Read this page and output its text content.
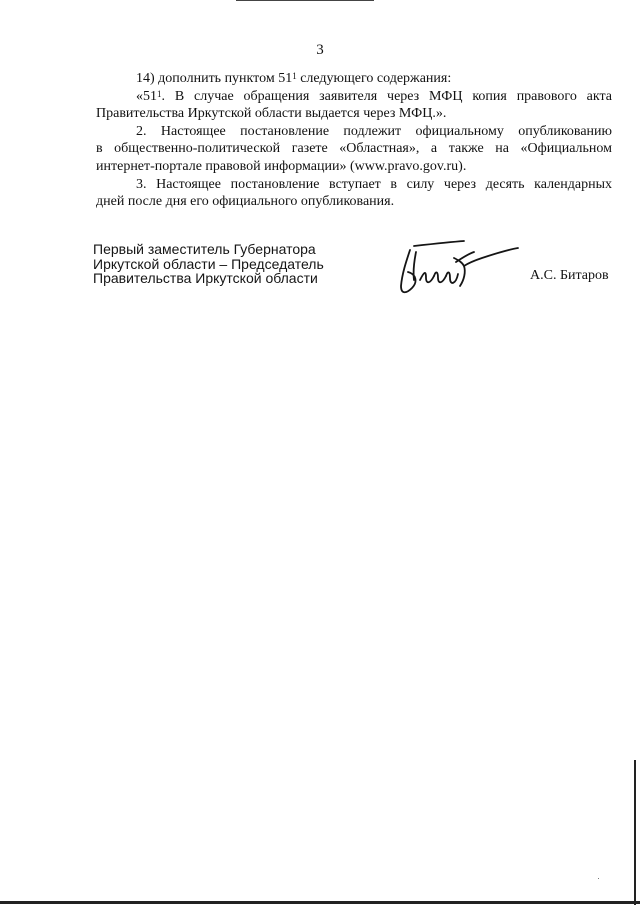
3
14) дополнить пунктом $51^1$ следующего содержания:
«$51^1$. В случае обращения заявителя через МФЦ копия правового акта
Правительства Иркутской области выдается через МФЦ.».
2. Настоящее постановление подлежит официальному опубликованию
в общественно-политической газете «Областная», а также на «Официальном
интернет-портале правовой информации» (www.pravo.gov.ru).
3. Настоящее постановление вступает в силу через десять календарных
дней после дня его официального опубликования.
Первый заместитель Губернатора
Иркутской области – Председатель
Правительства Иркутской области	А.С. Битаров
